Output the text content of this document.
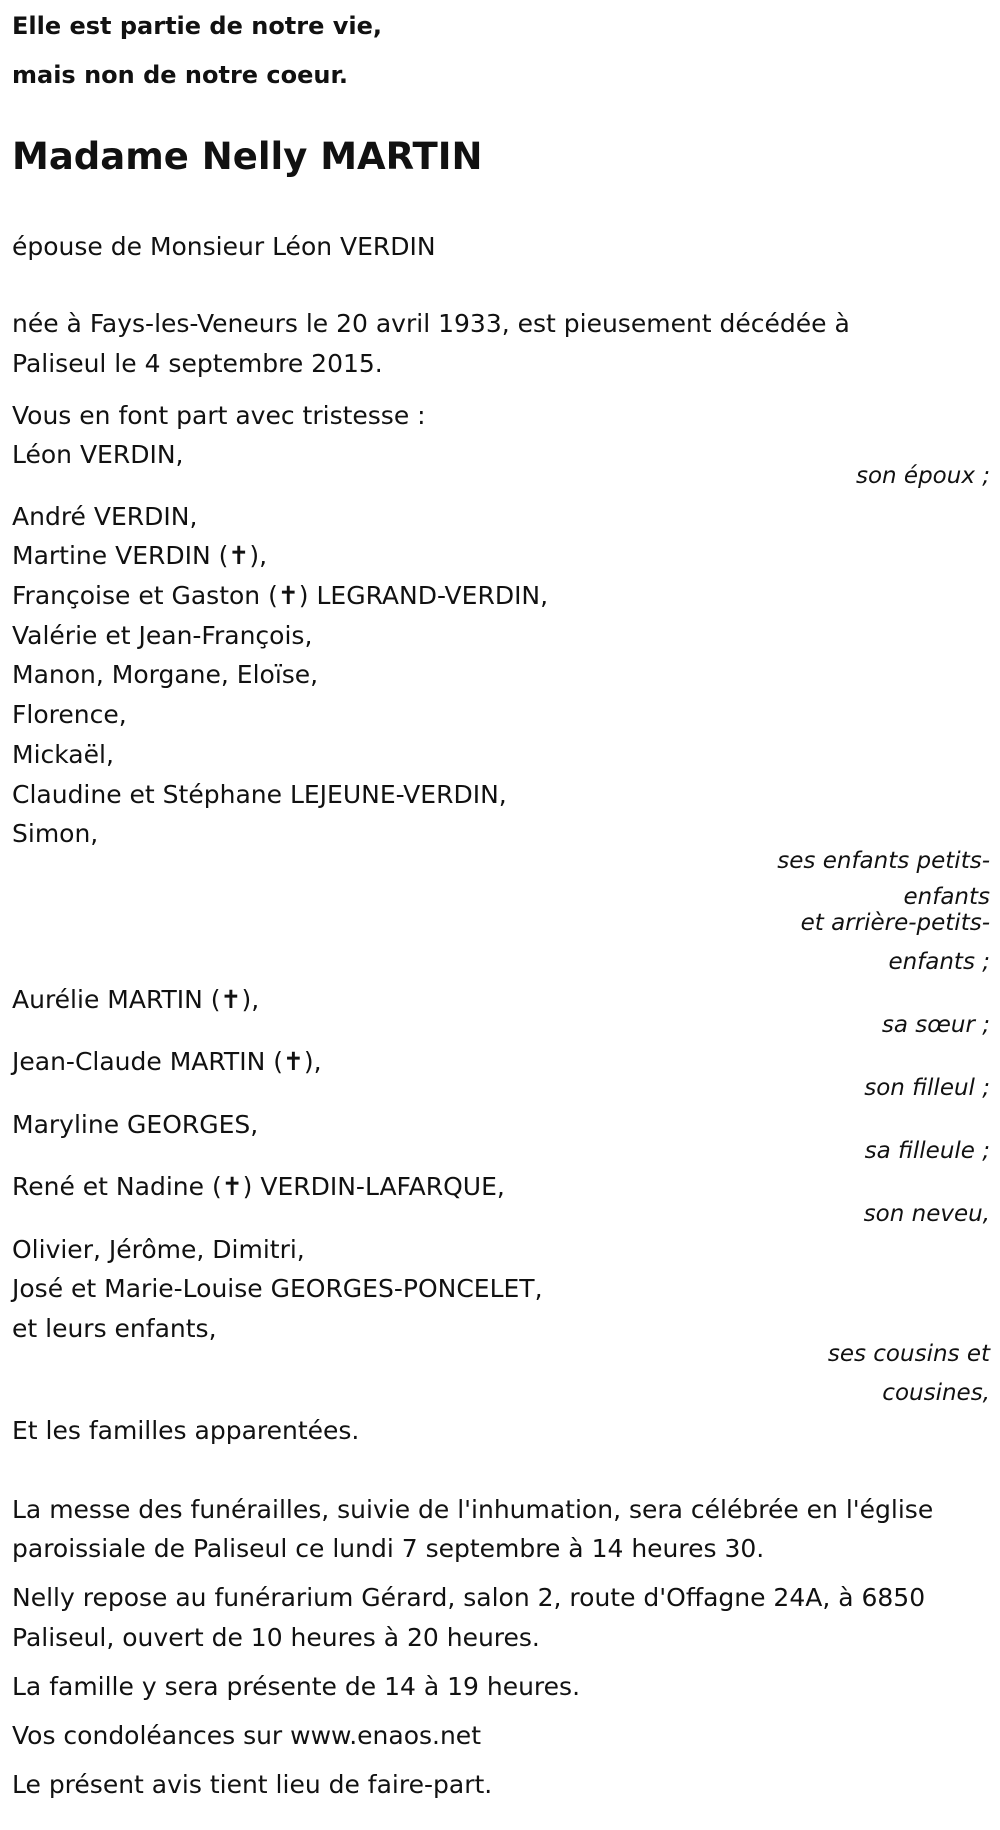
Elle est partie de notre vie,
mais non de notre coeur.
Madame Nelly MARTIN
épouse de Monsieur Léon VERDIN
née à Fays-les-Veneurs le 20 avril 1933, est pieusement décédée à
Paliseul le 4 septembre 2015.
Vous en font part avec tristesse :
Léon VERDIN,
son époux ;
André VERDIN,
Martine VERDIN (✝),
Françoise et Gaston (✝) LEGRAND-VERDIN,
Valérie et Jean-François,
Manon, Morgane, Eloïse,
Florence,
Mickaël,
Claudine et Stéphane LEJEUNE-VERDIN,
Simon,
ses enfants petits-
enfants
et arrière-petits-
enfants ;
Aurélie MARTIN (✝),
sa sœur ;
Jean-Claude MARTIN (✝),
son filleul ;
Maryline GEORGES,
sa filleule ;
René et Nadine (✝) VERDIN-LAFARQUE,
son neveu,
Olivier, Jérôme, Dimitri,
José et Marie-Louise GEORGES-PONCELET,
et leurs enfants,
ses cousins et
cousines,
Et les familles apparentées.
La messe des funérailles, suivie de l'inhumation, sera célébrée en l'église
paroissiale de Paliseul ce lundi 7 septembre à 14 heures 30.
Nelly repose au funérarium Gérard, salon 2, route d'Offagne 24A, à 6850
Paliseul, ouvert de 10 heures à 20 heures.
La famille y sera présente de 14 à 19 heures.
Vos condoléances sur www.enaos.net
Le présent avis tient lieu de faire-part.
